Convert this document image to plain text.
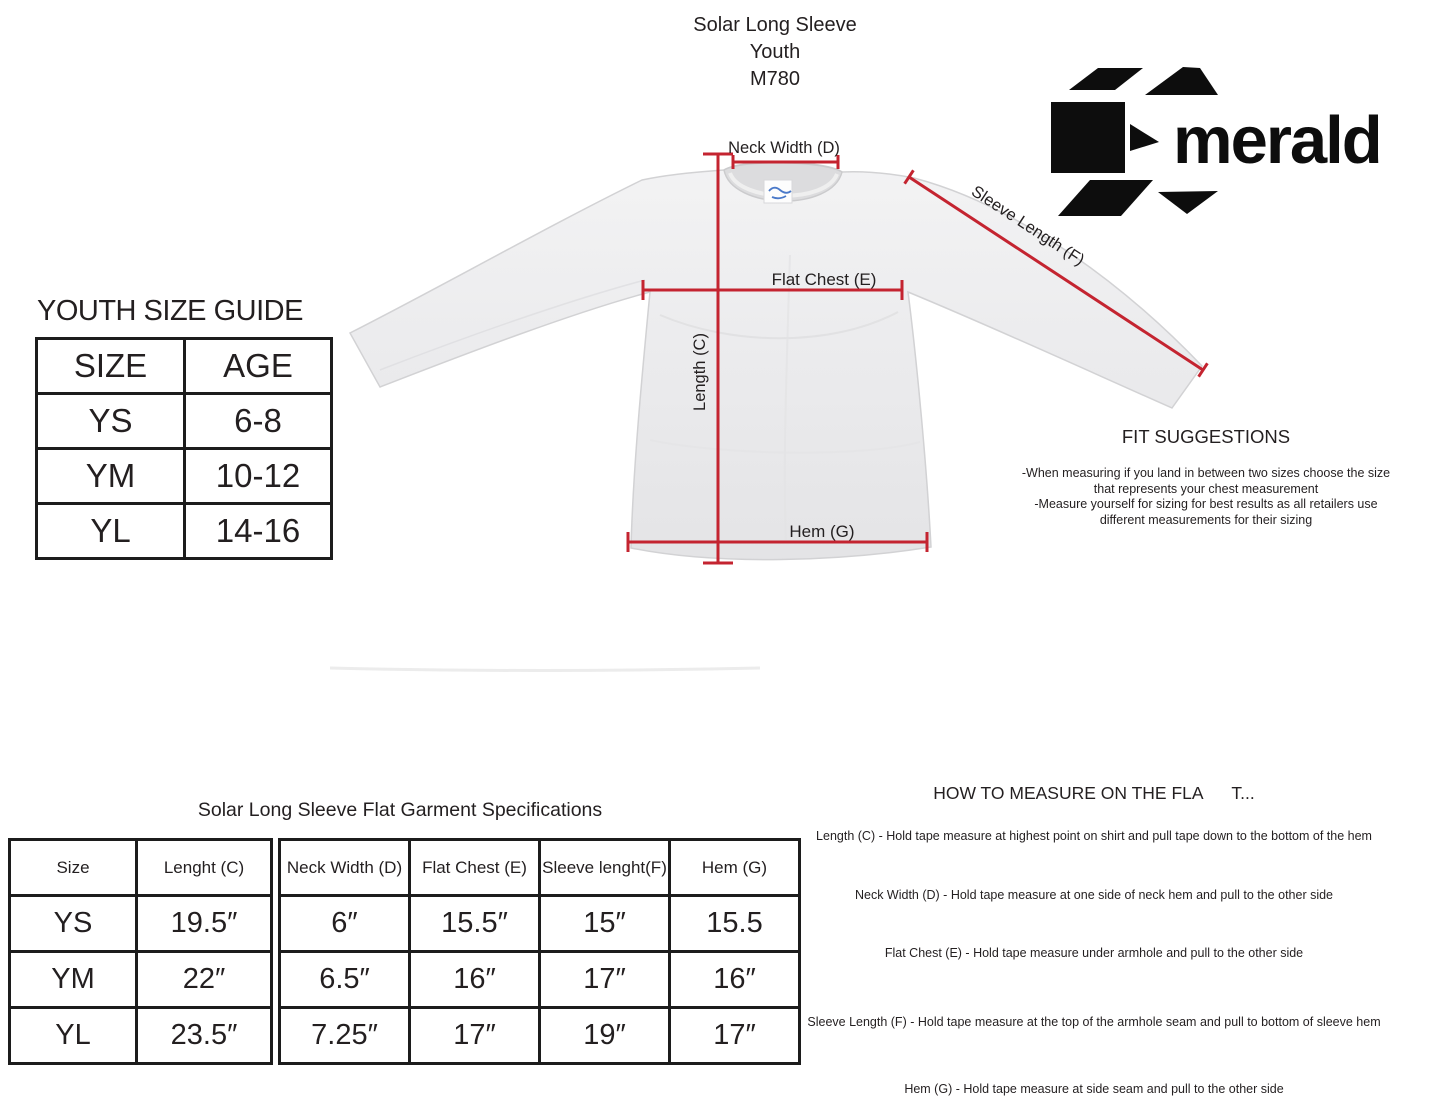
Solar Long Sleeve
Youth
M780
merald
YOUTH SIZE GUIDE
SIZE	AGE
YS	6-8
YM	10-12
YL	14-16
Neck Width (D)
Flat Chest (E)
Hem (G)
Length (C)
Sleeve Length (F)
FIT SUGGESTIONS
-When measuring if you land in between two sizes choose the size
that represents your chest measurement
-Measure yourself for sizing for best results as all retailers use
different measurements for their sizing
Solar Long Sleeve Flat Garment Specifications
Size	Lenght (C)
YS	19.5″
YM	22″
YL	23.5″
Neck Width (D)	Flat Chest (E)	Sleeve lenght(F)	Hem (G)
6″	15.5″	15″	15.5
6.5″	16″	17″	16″
7.25″	17″	19″	17″
HOW TO MEASURE ON THE FLA      T...
Length (C) - Hold tape measure at highest point on shirt and pull tape down to the bottom of the hem
Neck Width (D) - Hold tape measure at one side of neck hem and pull to the other side
Flat Chest (E) - Hold tape measure under armhole and pull to the other side
Sleeve Length (F) - Hold tape measure at the top of the armhole seam and pull to bottom of sleeve hem
Hem (G) - Hold tape measure at side seam and pull to the other side
